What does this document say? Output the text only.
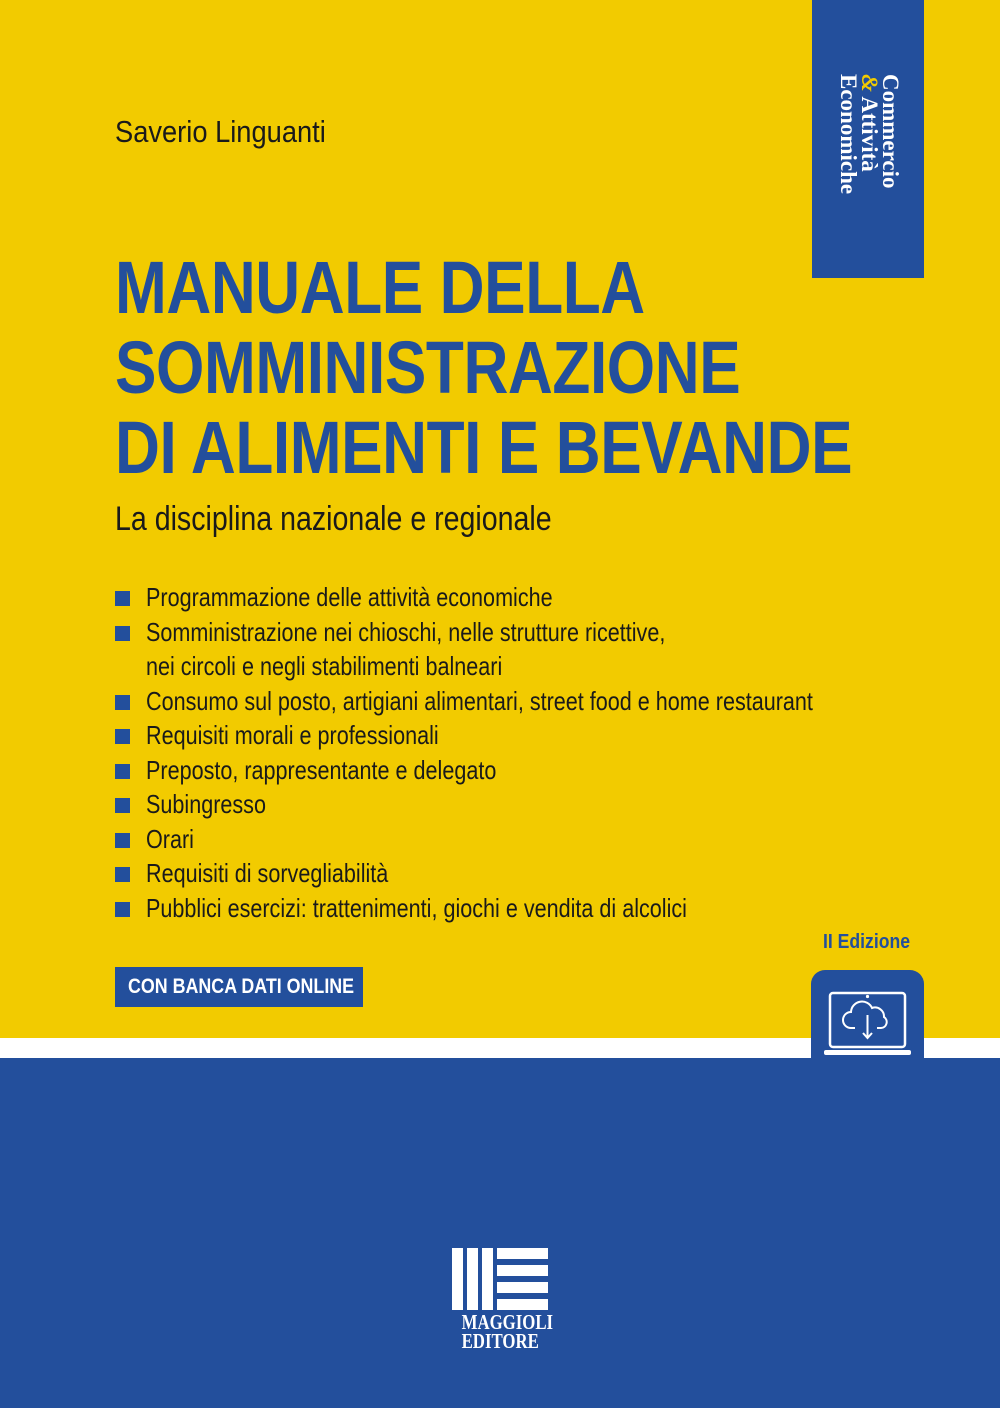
Commercio
& Attività
Economiche
Saverio Linguanti
MANUALE DELLA
SOMMINISTRAZIONE
DI ALIMENTI E BEVANDE
La disciplina nazionale e regionale
Programmazione delle attività economiche
Somministrazione nei chioschi, nelle strutture ricettive,
nei circoli e negli stabilimenti balneari
Consumo sul posto, artigiani alimentari, street food e home restaurant
Requisiti morali e professionali
Preposto, rappresentante e delegato
Subingresso
Orari
Requisiti di sorvegliabilità
Pubblici esercizi: trattenimenti, giochi e vendita di alcolici
II Edizione
CON BANCA DATI ONLINE
MAGGIOLI
EDITORE
